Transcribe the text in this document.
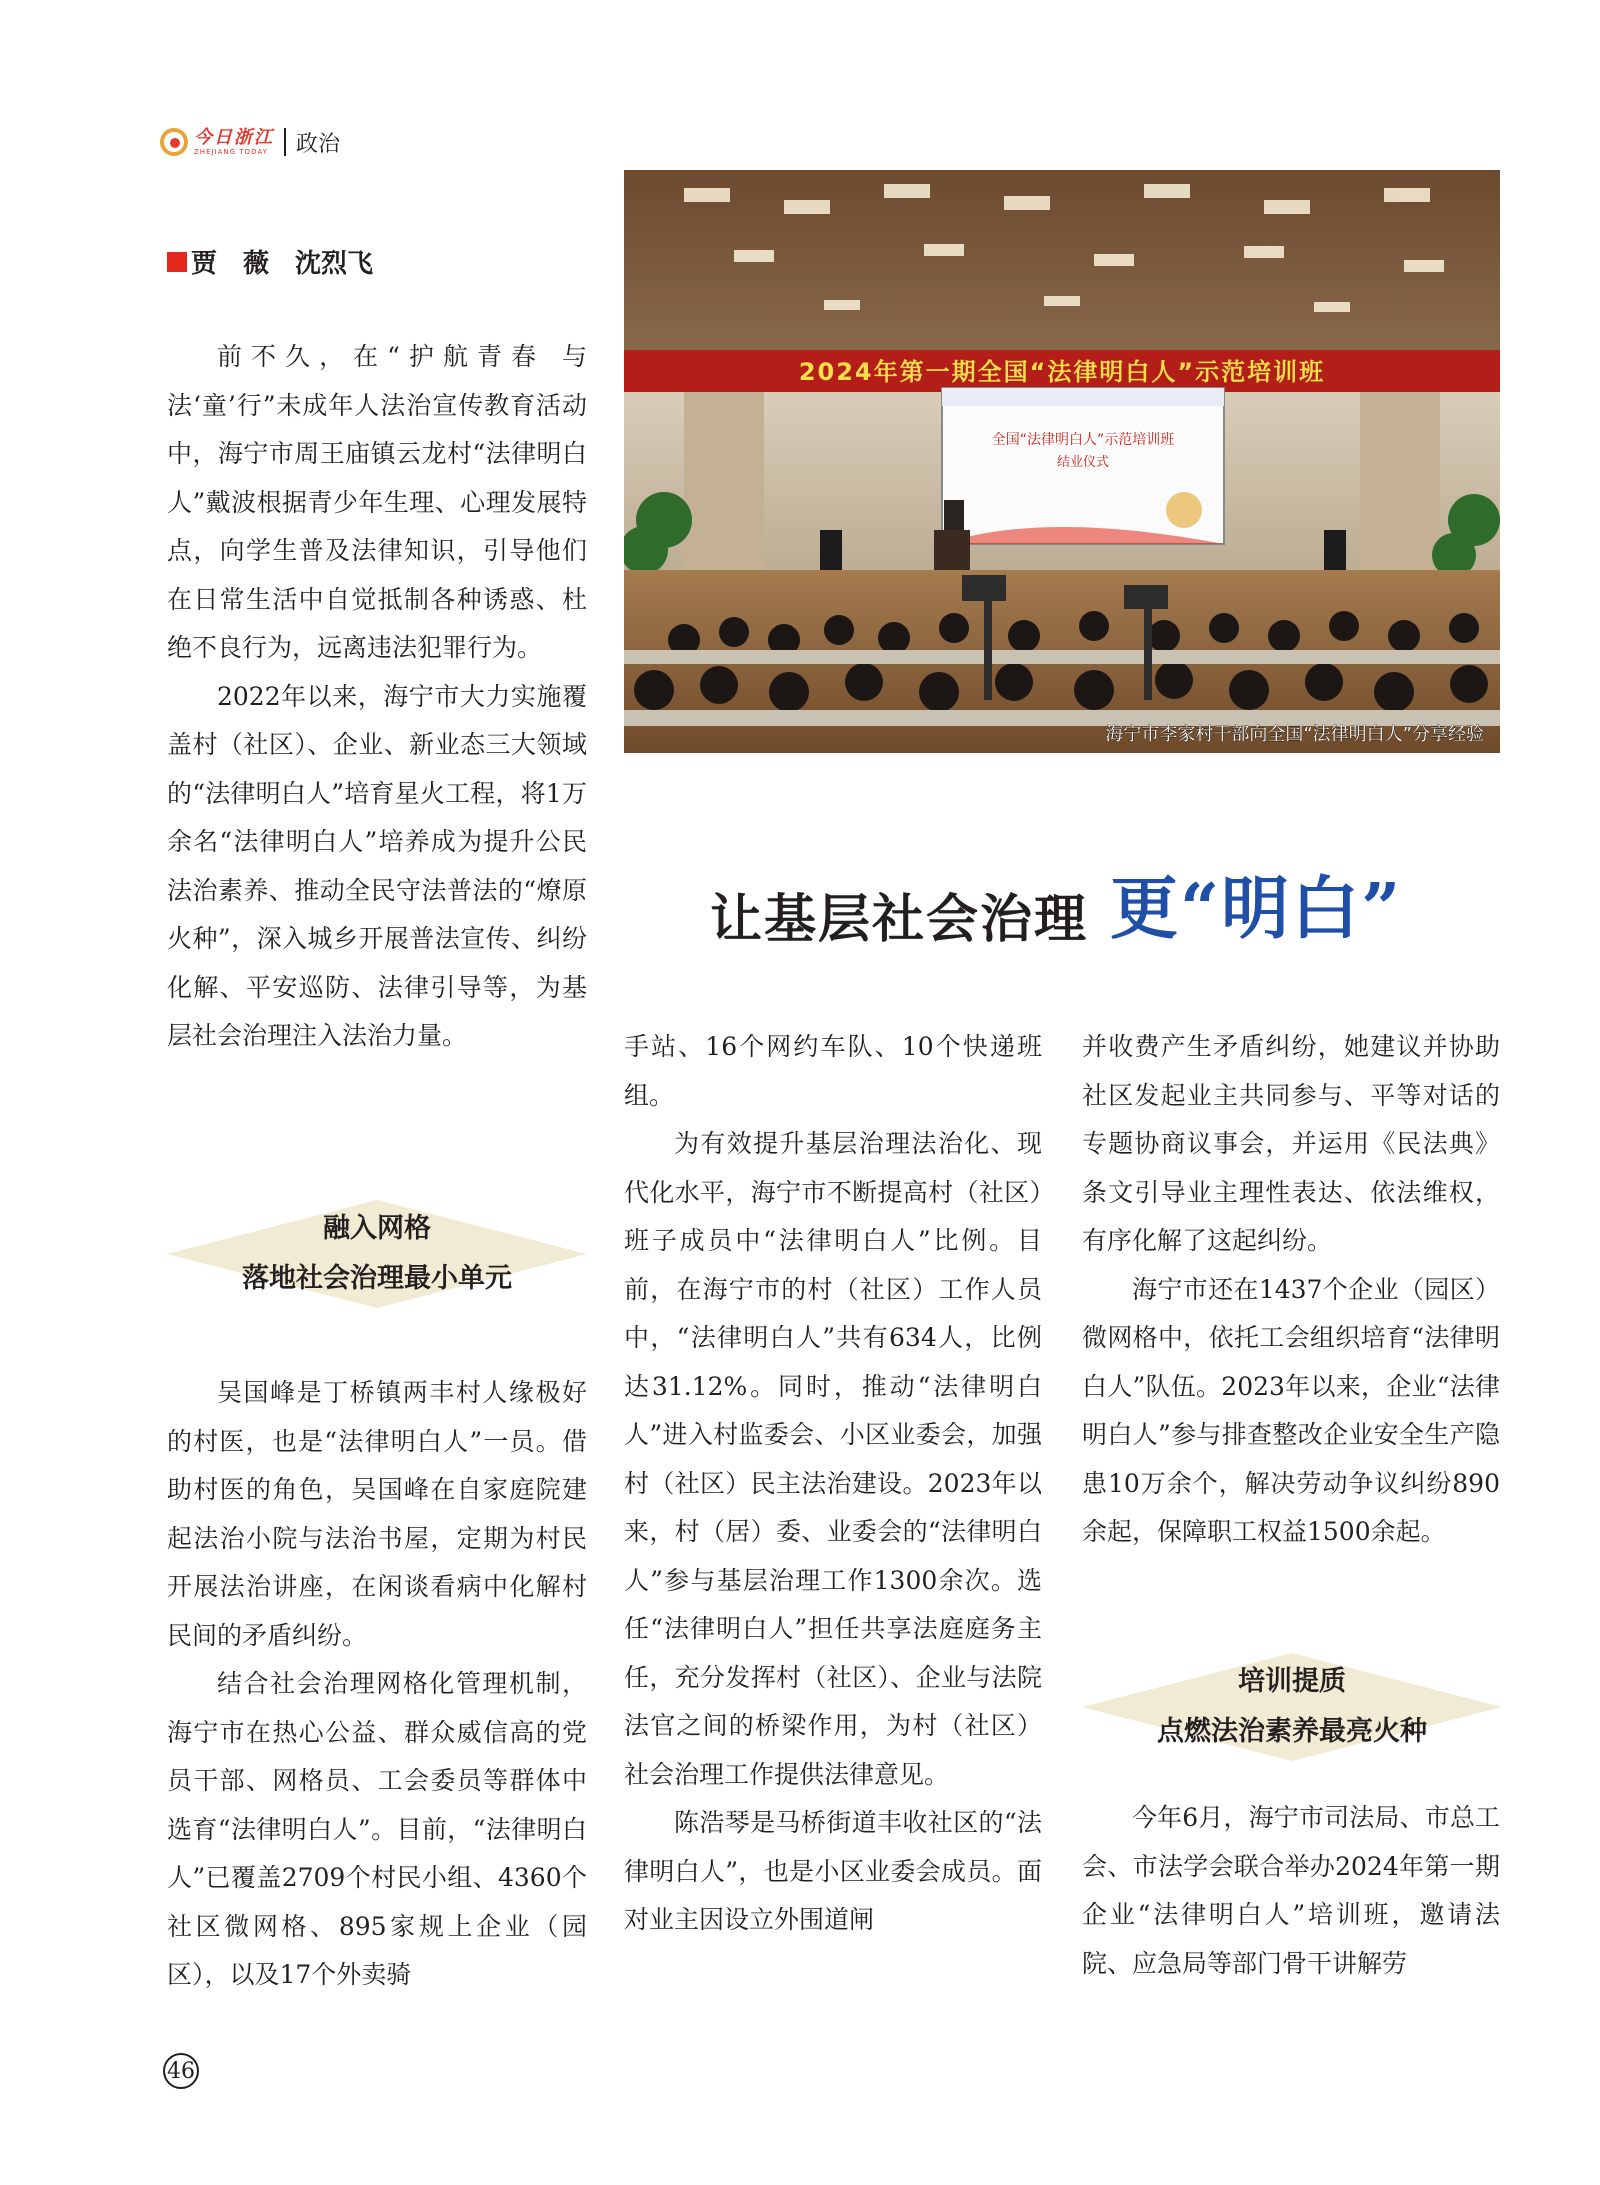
今日浙江
ZHEJIANG TODAY 政治
贾　薇　沈烈飞

前不久，在“护航青春 与法‘童’行”未成年人法治宣传教育活动中，海宁市周王庙镇云龙村“法律明白人”戴波根据青少年生理、心理发展特点，向学生普及法律知识，引导他们在日常生活中自觉抵制各种诱惑、杜绝不良行为，远离违法犯罪行为。

2022年以来，海宁市大力实施覆盖村（社区）、企业、新业态三大领域的“法律明白人”培育星火工程，将1万余名“法律明白人”培养成为提升公民法治素养、推动全民守法普法的“燎原火种”，深入城乡开展普法宣传、纠纷化解、平安巡防、法律引导等，为基层社会治理注入法治力量。

融入网格
落地社会治理最小单元

吴国峰是丁桥镇两丰村人缘极好的村医，也是“法律明白人”一员。借助村医的角色，吴国峰在自家庭院建起法治小院与法治书屋，定期为村民开展法治讲座，在闲谈看病中化解村民间的矛盾纠纷。

结合社会治理网格化管理机制，海宁市在热心公益、群众威信高的党员干部、网格员、工会委员等群体中选育“法律明白人”。目前，“法律明白人”已覆盖2709个村民小组、4360个社区微网格、895家规上企业（园区），以及17个外卖骑

2024年第一期全国“法律明白人”示范培训班
全国“法律明白人”示范培训班
结业仪式
海宁市李家村干部向全国“法律明白人”分享经验
让基层社会治理 更“明白”

手站、16个网约车队、10个快递班组。

为有效提升基层治理法治化、现代化水平，海宁市不断提高村（社区）班子成员中“法律明白人”比例。目前，在海宁市的村（社区）工作人员中，“法律明白人”共有634人，比例达31.12%。同时，推动“法律明白人”进入村监委会、小区业委会，加强村（社区）民主法治建设。2023年以来，村（居）委、业委会的“法律明白人”参与基层治理工作1300余次。选任“法律明白人”担任共享法庭庭务主任，充分发挥村（社区）、企业与法院法官之间的桥梁作用，为村（社区）社会治理工作提供法律意见。

陈浩琴是马桥街道丰收社区的“法律明白人”，也是小区业委会成员。面对业主因设立外围道闸

并收费产生矛盾纠纷，她建议并协助社区发起业主共同参与、平等对话的专题协商议事会，并运用《民法典》条文引导业主理性表达、依法维权，有序化解了这起纠纷。

海宁市还在1437个企业（园区）微网格中，依托工会组织培育“法律明白人”队伍。2023年以来，企业“法律明白人”参与排查整改企业安全生产隐患10万余个，解决劳动争议纠纷890余起，保障职工权益1500余起。

培训提质
点燃法治素养最亮火种

今年6月，海宁市司法局、市总工会、市法学会联合举办2024年第一期企业“法律明白人”培训班，邀请法院、应急局等部门骨干讲解劳

46
